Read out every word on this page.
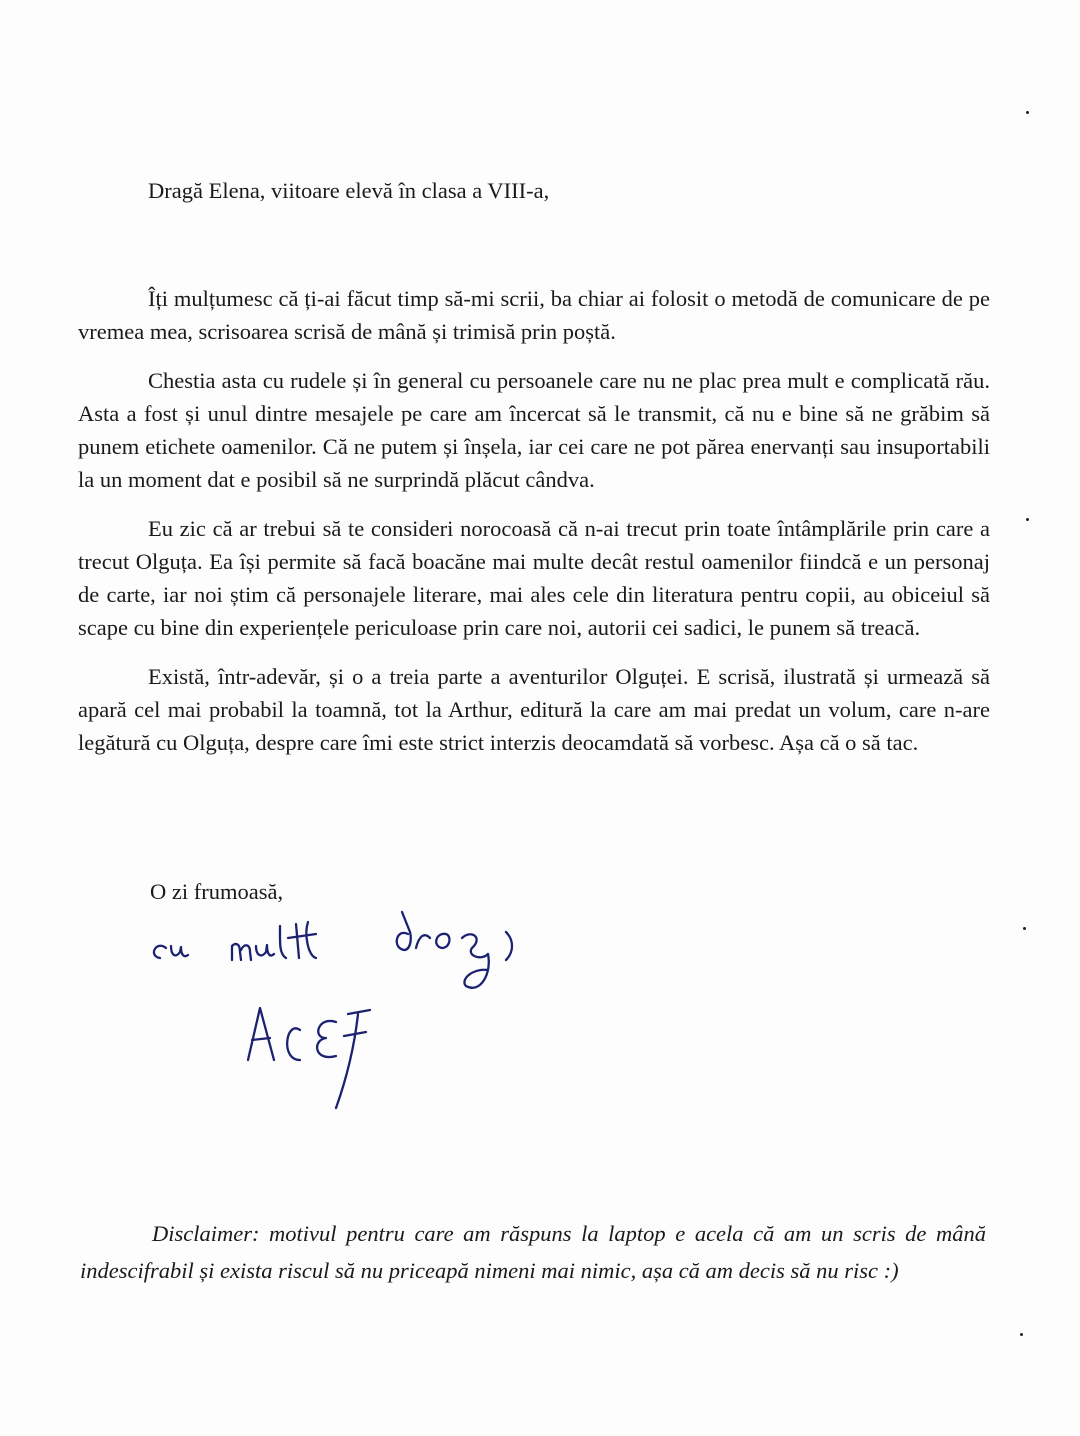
Dragă Elena, viitoare elevă în clasa a VIII-a,

Îți mulțumesc că ți-ai făcut timp să-mi scrii, ba chiar ai folosit o metodă de comunicare de pe vremea mea, scrisoarea scrisă de mână și trimisă prin poștă.

Chestia asta cu rudele și în general cu persoanele care nu ne plac prea mult e complicată rău. Asta a fost și unul dintre mesajele pe care am încercat să le transmit, că nu e bine să ne grăbim să punem etichete oamenilor. Că ne putem și înșela, iar cei care ne pot părea enervanți sau insuportabili la un moment dat e posibil să ne surprindă plăcut cândva.

Eu zic că ar trebui să te consideri norocoasă că n-ai trecut prin toate întâmplările prin care a trecut Olguța. Ea își permite să facă boacăne mai multe decât restul oamenilor fiindcă e un personaj de carte, iar noi știm că personajele literare, mai ales cele din literatura pentru copii, au obiceiul să scape cu bine din experiențele periculoase prin care noi, autorii cei sadici, le punem să treacă.

Există, într-adevăr, și o a treia parte a aventurilor Olguței. E scrisă, ilustrată și urmează să apară cel mai probabil la toamnă, tot la Arthur, editură la care am mai predat un volum, care n-are legătură cu Olguța, despre care îmi este strict interzis deocamdată să vorbesc. Așa că o să tac.

O zi frumoasă,

Disclaimer: motivul pentru care am răspuns la laptop e acela că am un scris de mână indescifrabil și exista riscul să nu priceapă nimeni mai nimic, așa că am decis să nu risc :)
